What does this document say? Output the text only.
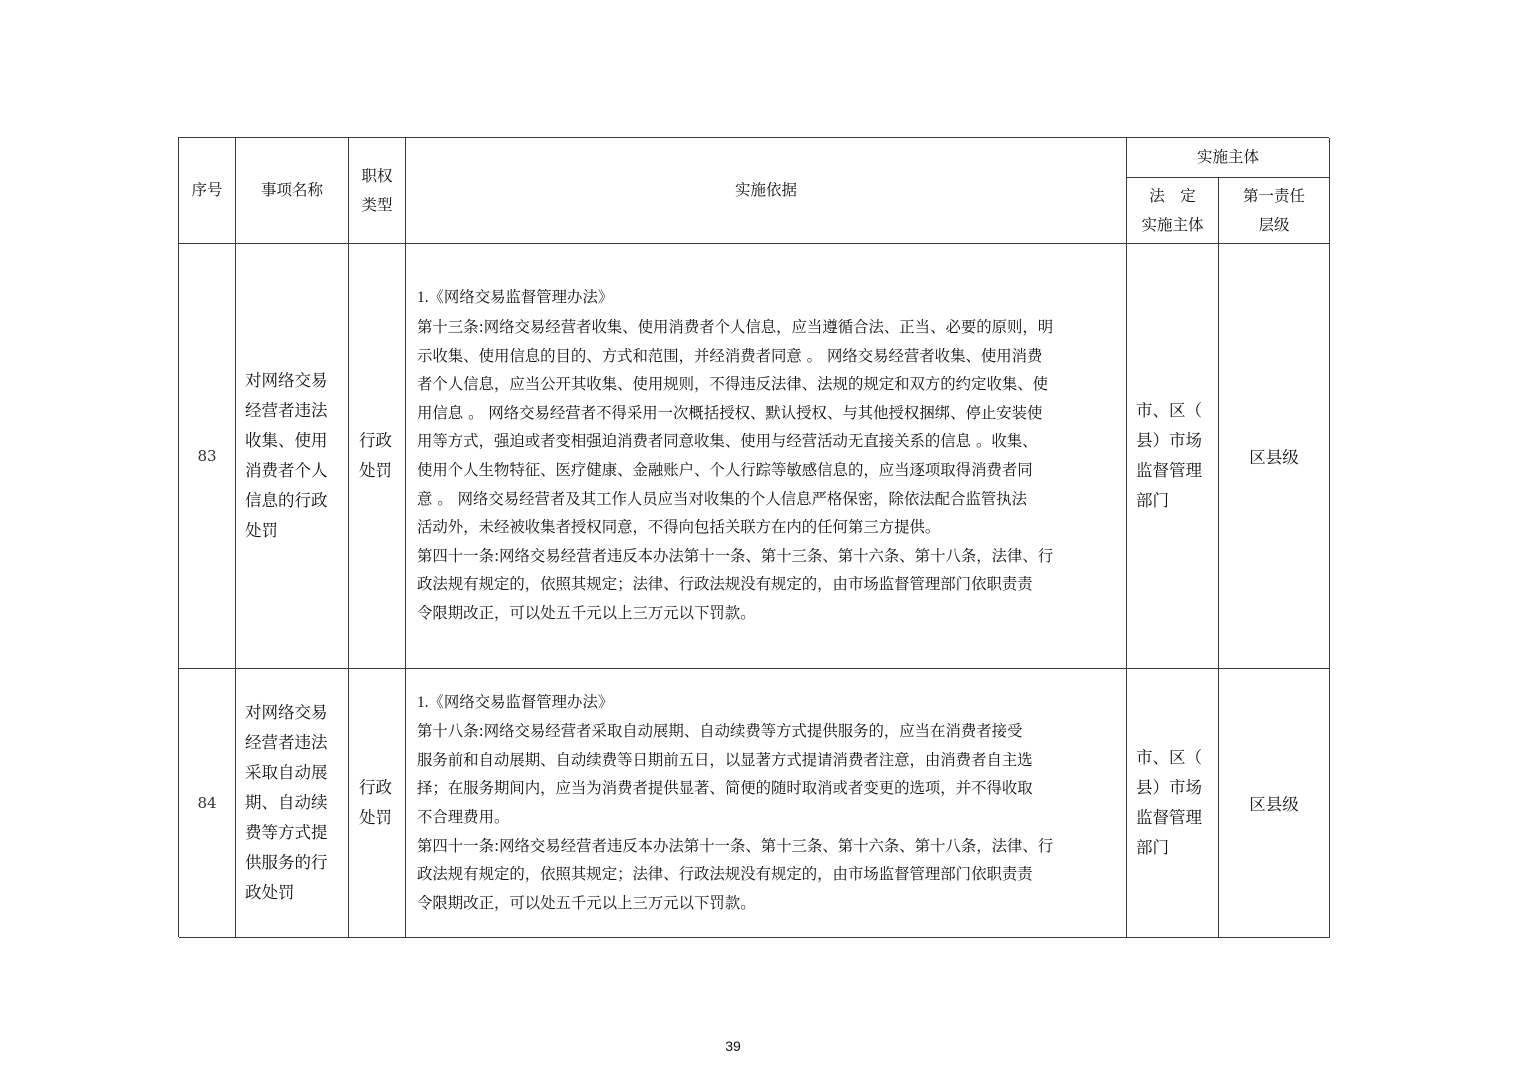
序号	事项名称
职权
类型
实施依据
实施主体
法　定
实施主体
第一责任
层级
83
对网络交易
经营者违法
收集、使用
消费者个人
信息的行政
处罚
行政
处罚
1.《网络交易监督管理办法》
第十三条:网络交易经营者收集、使用消费者个人信息，应当遵循合法、正当、必要的原则，明
示收集、使用信息的目的、方式和范围，并经消费者同意 。 网络交易经营者收集、使用消费
者个人信息，应当公开其收集、使用规则，不得违反法律、法规的规定和双方的约定收集、使
用信息 。 网络交易经营者不得采用一次概括授权、默认授权、与其他授权捆绑、停止安装使
用等方式，强迫或者变相强迫消费者同意收集、使用与经营活动无直接关系的信息 。收集、
使用个人生物特征、医疗健康、金融账户、个人行踪等敏感信息的，应当逐项取得消费者同
意 。 网络交易经营者及其工作人员应当对收集的个人信息严格保密，除依法配合监管执法
活动外，未经被收集者授权同意，不得向包括关联方在内的任何第三方提供。
第四十一条:网络交易经营者违反本办法第十一条、第十三条、第十六条、第十八条，法律、行
政法规有规定的，依照其规定；法律、行政法规没有规定的，由市场监督管理部门依职责责
令限期改正，可以处五千元以上三万元以下罚款。
市、区（
县）市场
监督管理
部门
区县级
84
对网络交易
经营者违法
采取自动展
期、自动续
费等方式提
供服务的行
政处罚
行政
处罚
1.《网络交易监督管理办法》
第十八条:网络交易经营者采取自动展期、自动续费等方式提供服务的，应当在消费者接受
服务前和自动展期、自动续费等日期前五日，以显著方式提请消费者注意，由消费者自主选
择；在服务期间内，应当为消费者提供显著、简便的随时取消或者变更的选项，并不得收取
不合理费用。
第四十一条:网络交易经营者违反本办法第十一条、第十三条、第十六条、第十八条，法律、行
政法规有规定的，依照其规定；法律、行政法规没有规定的，由市场监督管理部门依职责责
令限期改正，可以处五千元以上三万元以下罚款。
市、区（
县）市场
监督管理
部门
区县级
39
